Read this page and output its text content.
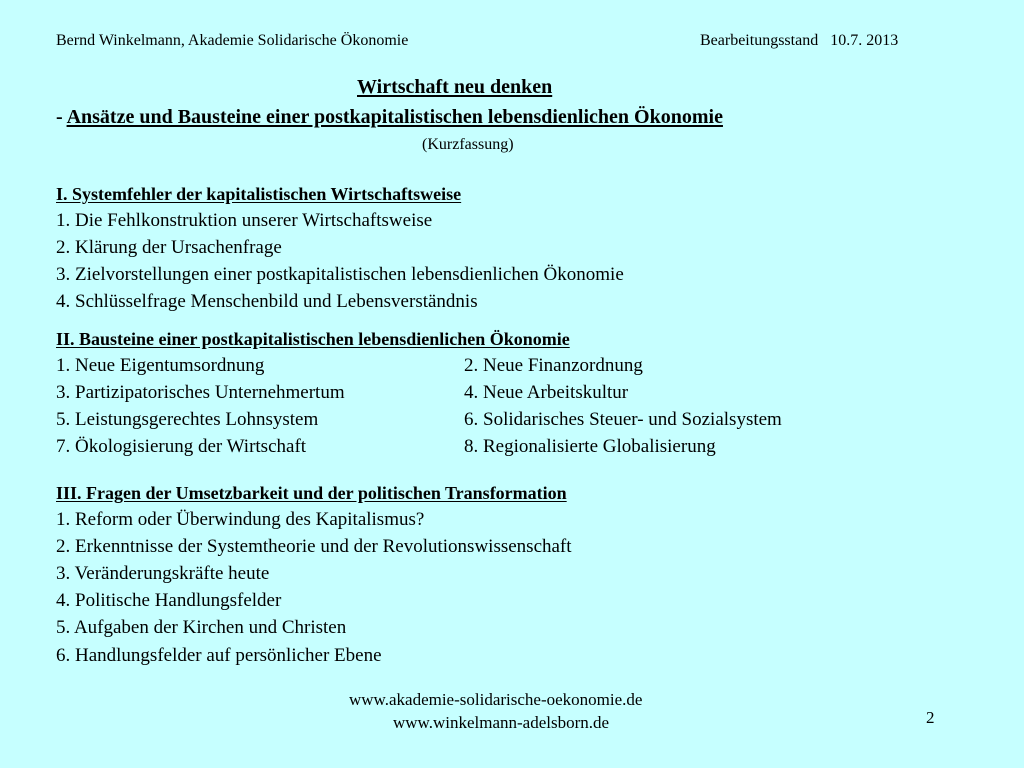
Bernd Winkelmann, Akademie Solidarische Ökonomie	Bearbeitungsstand 10.7. 2013
Wirtschaft neu denken
- Ansätze und Bausteine einer postkapitalistischen lebensdienlichen Ökonomie
(Kurzfassung)
I. Systemfehler der kapitalistischen Wirtschaftsweise
1. Die Fehlkonstruktion unserer Wirtschaftsweise
2. Klärung der Ursachenfrage
3. Zielvorstellungen einer postkapitalistischen lebensdienlichen Ökonomie
4. Schlüsselfrage Menschenbild und Lebensverständnis
II. Bausteine einer postkapitalistischen lebensdienlichen Ökonomie
1. Neue Eigentumsordnung	2. Neue Finanzordnung
3. Partizipatorisches Unternehmertum	4. Neue Arbeitskultur
5. Leistungsgerechtes Lohnsystem	6. Solidarisches Steuer- und Sozialsystem
7. Ökologisierung der Wirtschaft	8. Regionalisierte Globalisierung
III. Fragen der Umsetzbarkeit und der politischen Transformation
1. Reform oder Überwindung des Kapitalismus?
2. Erkenntnisse der Systemtheorie und der Revolutionswissenschaft
3. Veränderungskräfte heute
4. Politische Handlungsfelder
5. Aufgaben der Kirchen und Christen
6. Handlungsfelder auf persönlicher Ebene
www.akademie-solidarische-oekonomie.de
www.winkelmann-adelsborn.de	2
